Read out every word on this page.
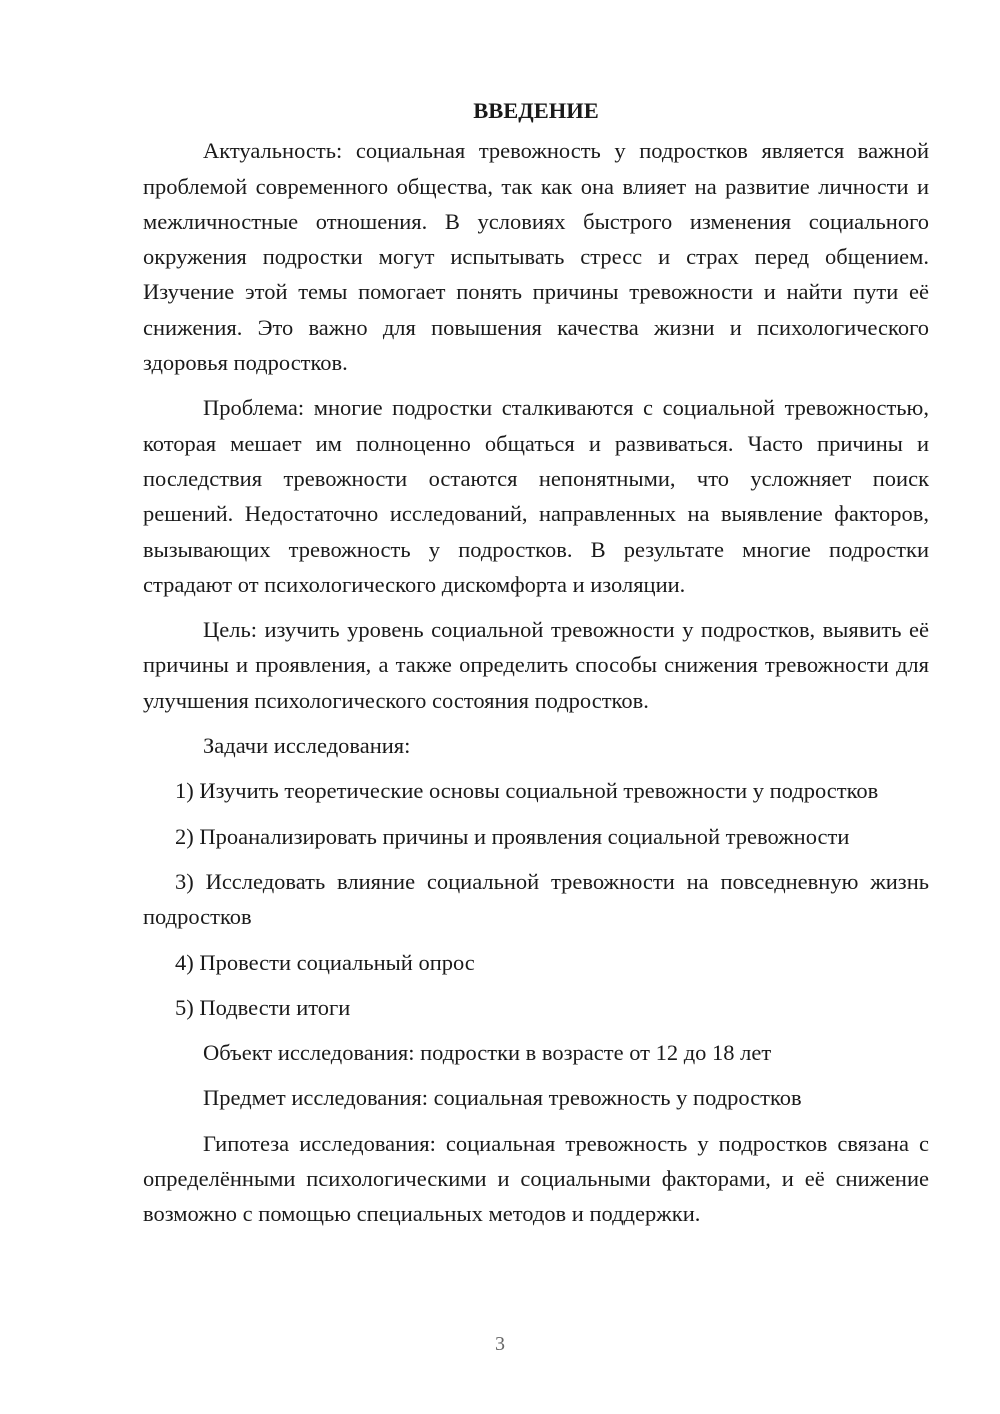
ВВЕДЕНИЕ

Актуальность: социальная тревожность у подростков является важной проблемой современного общества, так как она влияет на развитие личности и межличностные отношения. В условиях быстрого изменения социального окружения подростки могут испытывать стресс и страх перед общением. Изучение этой темы помогает понять причины тревожности и найти пути её снижения. Это важно для повышения качества жизни и психологического здоровья подростков.

Проблема: многие подростки сталкиваются с социальной тревожностью, которая мешает им полноценно общаться и развиваться. Часто причины и последствия тревожности остаются непонятными, что усложняет поиск решений. Недостаточно исследований, направленных на выявление факторов, вызывающих тревожность у подростков. В результате многие подростки страдают от психологического дискомфорта и изоляции.

Цель: изучить уровень социальной тревожности у подростков, выявить её причины и проявления, а также определить способы снижения тревожности для улучшения психологического состояния подростков.

Задачи исследования:

1) Изучить теоретические основы социальной тревожности у подростков

2) Проанализировать причины и проявления социальной тревожности

3) Исследовать влияние социальной тревожности на повседневную жизнь подростков

4) Провести социальный опрос

5) Подвести итоги

Объект исследования: подростки в возрасте от 12 до 18 лет

Предмет исследования: социальная тревожность у подростков

Гипотеза исследования: социальная тревожность у подростков связана с определёнными психологическими и социальными факторами, и её снижение возможно с помощью специальных методов и поддержки.

3
